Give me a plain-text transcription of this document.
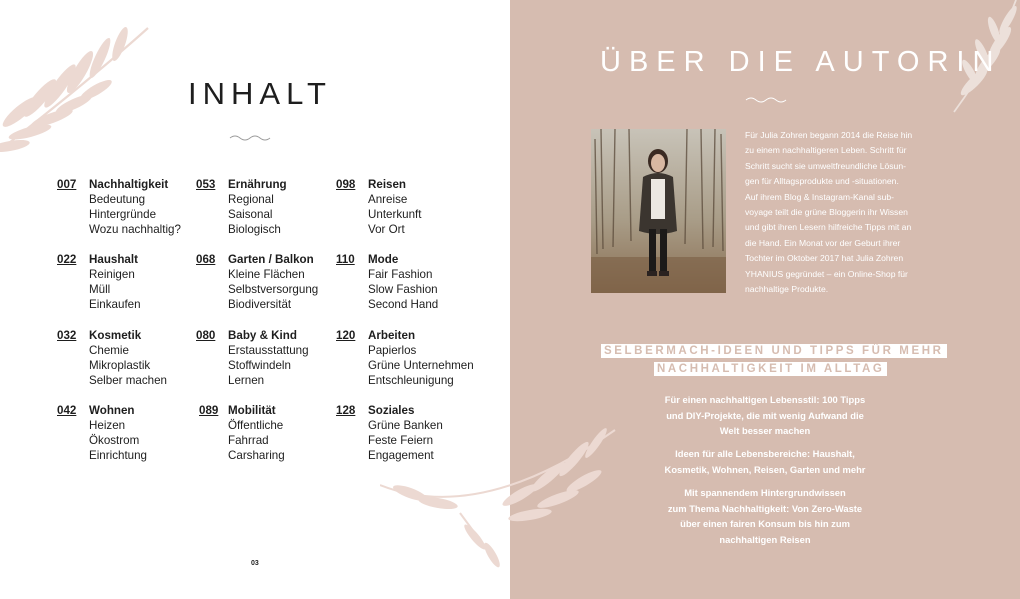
INHALT
007 Nachhaltigkeit
Bedeutung
Hintergründe
Wozu nachhaltig?
022 Haushalt
Reinigen
Müll
Einkaufen
032 Kosmetik
Chemie
Mikroplastik
Selber machen
042 Wohnen
Heizen
Ökostrom
Einrichtung
053 Ernährung
Regional
Saisonal
Biologisch
068 Garten / Balkon
Kleine Flächen
Selbstversorgung
Biodiversität
080 Baby & Kind
Erstausstattung
Stoffwindeln
Lernen
089 Mobilität
Öffentliche
Fahrrad
Carsharing
098 Reisen
Anreise
Unterkunft
Vor Ort
110 Mode
Fair Fashion
Slow Fashion
Second Hand
120 Arbeiten
Papierlos
Grüne Unternehmen
Entschleunigung
128 Soziales
Grüne Banken
Feste Feiern
Engagement
03
ÜBER DIE AUTORIN
Für Julia Zohren begann 2014 die Reise hin
zu einem nachhaltigeren Leben. Schritt für
Schritt sucht sie umweltfreundliche Lösun-
gen für Alltagsprodukte und -situationen.
Auf ihrem Blog & Instagram-Kanal sub-
voyage teilt die grüne Bloggerin ihr Wissen
und gibt ihren Lesern hilfreiche Tipps mit an
die Hand. Ein Monat vor der Geburt ihrer
Tochter im Oktober 2017 hat Julia Zohren
YHANIUS gegründet – ein Online-Shop für
nachhaltige Produkte.
SELBERMACH-IDEEN UND TIPPS FÜR MEHR
NACHHALTIGKEIT IM ALLTAG
Für einen nachhaltigen Lebensstil: 100 Tipps
und DIY-Projekte, die mit wenig Aufwand die
Welt besser machen
Ideen für alle Lebensbereiche: Haushalt,
Kosmetik, Wohnen, Reisen, Garten und mehr
Mit spannendem Hintergrundwissen
zum Thema Nachhaltigkeit: Von Zero-Waste
über einen fairen Konsum bis hin zum
nachhaltigen Reisen
